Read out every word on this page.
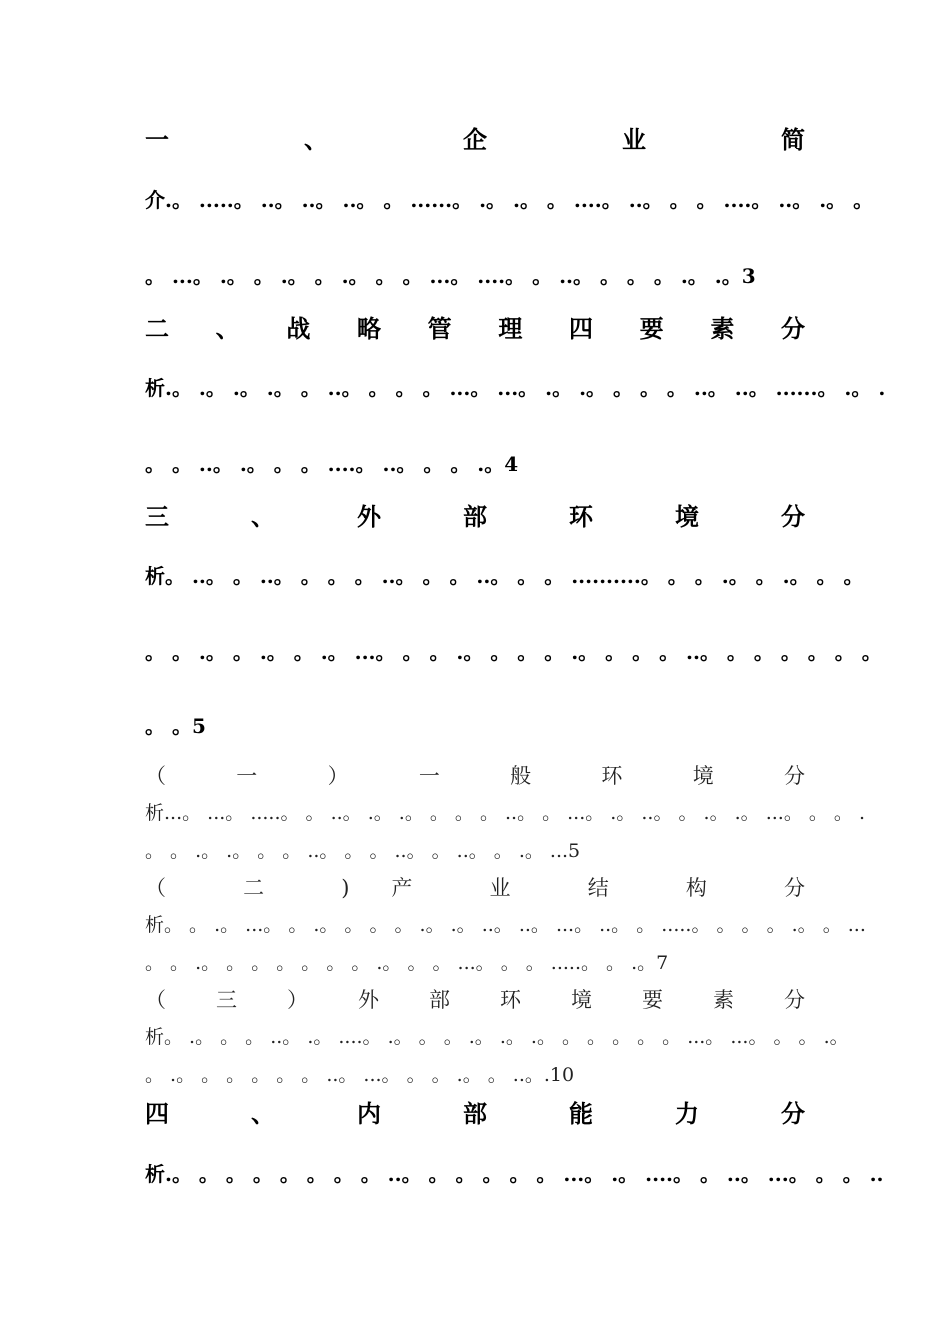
一 、 企 业 简
介.。 .....。 ..。 ..。 ..。 。 ......。 .。 .。 。 ....。 ..。 。 。 ....。 ..。 .。 。
。 ...。 .。 。 .。 。 .。 。 。 ...。 ....。 。 ..。 。 。 。 .。 .。3
二 、 战 略 管 理 四 要 素 分
析.。 .。 .。 .。 。 ..。 。 。 。 ...。 ...。 .。 .。 。 。 。 ..。 ..。 ......。 .。 .
。 。 ..。 .。 。 。 ....。 ..。 。 。 .。4
三 、 外 部 环 境 分
析。 ..。 。 ..。 。 。 。 ..。 。 。 ..。 。 。 ..........。 。 。 .。 。 .。 。 。
。 。 .。 。 .。 。 .。 ...。 。 。 .。 。 。 。 .。 。 。 。 ..。 。 。 。 。 。 。
。 。5
（ 一 ） 一 般 环 境 分
析...。 ...。 .....。 。 ..。 .。 .。 。 。 。 ..。 。 ...。 .。 ..。 。 .。 .。 ...。 。 。 .
。 。 .。 .。 。 。 ..。 。 。 ..。 。 ..。 。 .。 ...5
（ 二 ) 产 业 结 构 分
析。 。 .。 ...。 。 .。 。 。 。 .。 .。 ..。 ..。 ...。 ..。 。 .....。 。 。 。 .。 。 ...
。 。 .。 。 。 。 。 。 。 .。 。 。 ...。 。 。 .....。 。 .。7
（ 三 ） 外 部 环 境 要 素 分
析。 .。 。 。 ..。 .。 ....。 .。 。 。 .。 .。 .。 。 。 。 。 。 ...。 ...。 。 。 .。
。 .。 。 。 。 。 。 ..。 ...。 。 。 .。 。 ..。.10
四 、 内 部 能 力 分
析.。 。 。 。 。 。 。 。 ..。 。 。 。 。 。 ...。 .。 ....。 。 ..。 ...。 。 。 ..
